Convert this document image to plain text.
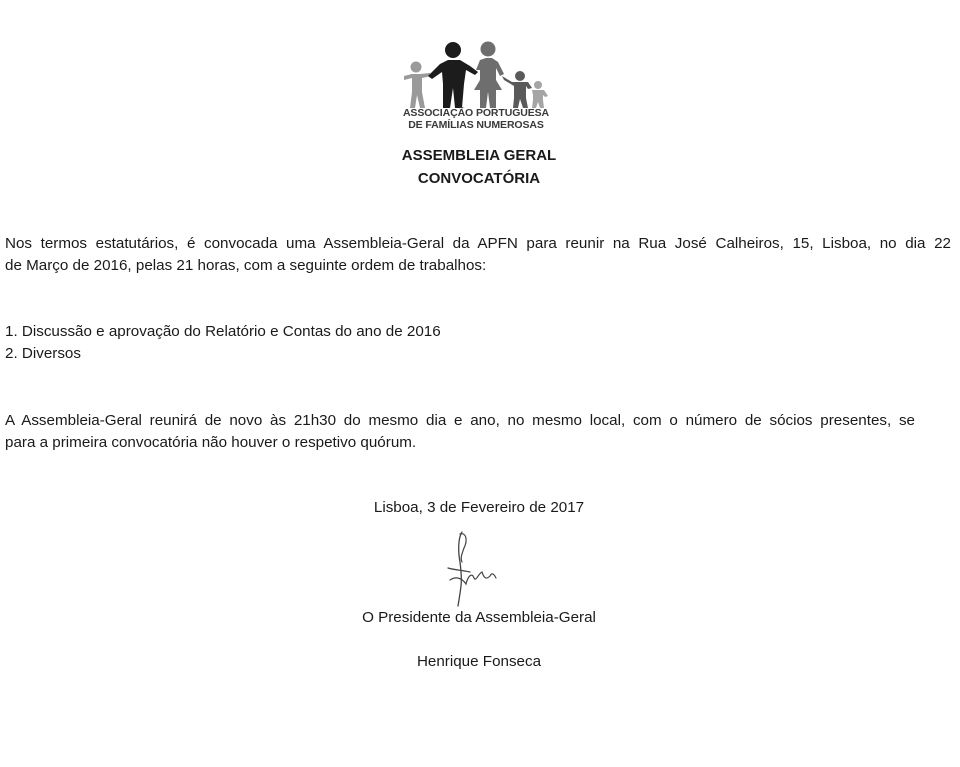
ASSOCIAÇÃO PORTUGUESA
DE FAMÍLIAS NUMEROSAS
ASSEMBLEIA GERAL
CONVOCATÓRIA
Nos termos estatutários, é convocada uma Assembleia-Geral da APFN para reunir na Rua José Calheiros, 15, Lisboa, no dia 22
de Março de 2016, pelas 21 horas, com a seguinte ordem de trabalhos:
1. Discussão e aprovação do Relatório e Contas do ano de 2016
2. Diversos
A Assembleia-Geral reunirá de novo às 21h30 do mesmo dia e ano, no mesmo local, com o número de sócios presentes, se
para a primeira convocatória não houver o respetivo quórum.
Lisboa, 3 de Fevereiro de 2017
O Presidente da Assembleia-Geral
Henrique Fonseca
